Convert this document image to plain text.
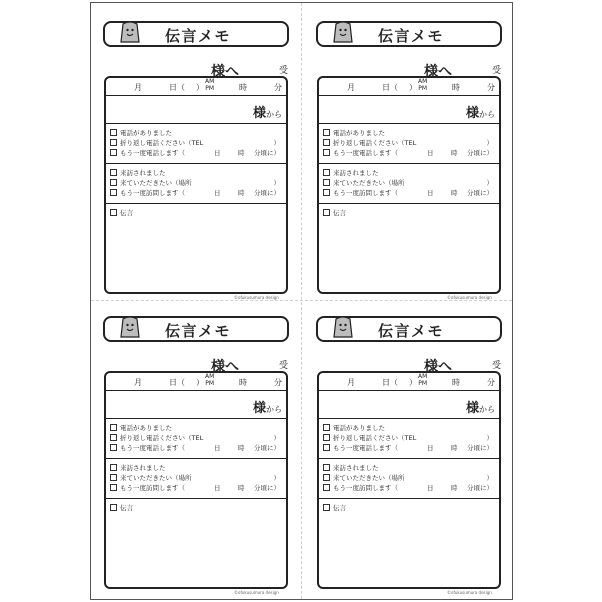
伝言メモ
様へ	受
月	日（ ）
AM
PM	時	分
様から
電話がありました
折り返し電話ください（TEL	）
もう一度電話します（	日	時 分頃に）
来訪されました
来ていただきたい（場所	）
もう一度訪問します（	日	時 分頃に）
伝言
©ofukusumura design
伝言メモ
様へ	受
月	日（ ）
AM
PM	時	分
様から
電話がありました
折り返し電話ください（TEL	）
もう一度電話します（	日	時 分頃に）
来訪されました
来ていただきたい（場所	）
もう一度訪問します（	日	時 分頃に）
伝言
©ofukusumura design
伝言メモ
様へ	受
月	日（ ）
AM
PM	時	分
様から
電話がありました
折り返し電話ください（TEL	）
もう一度電話します（	日	時 分頃に）
来訪されました
来ていただきたい（場所	）
もう一度訪問します（	日	時 分頃に）
伝言
©ofukusumura design
伝言メモ
様へ	受
月	日（ ）
AM
PM	時	分
様から
電話がありました
折り返し電話ください（TEL	）
もう一度電話します（	日	時 分頃に）
来訪されました
来ていただきたい（場所	）
もう一度訪問します（	日	時 分頃に）
伝言
©ofukusumura design
